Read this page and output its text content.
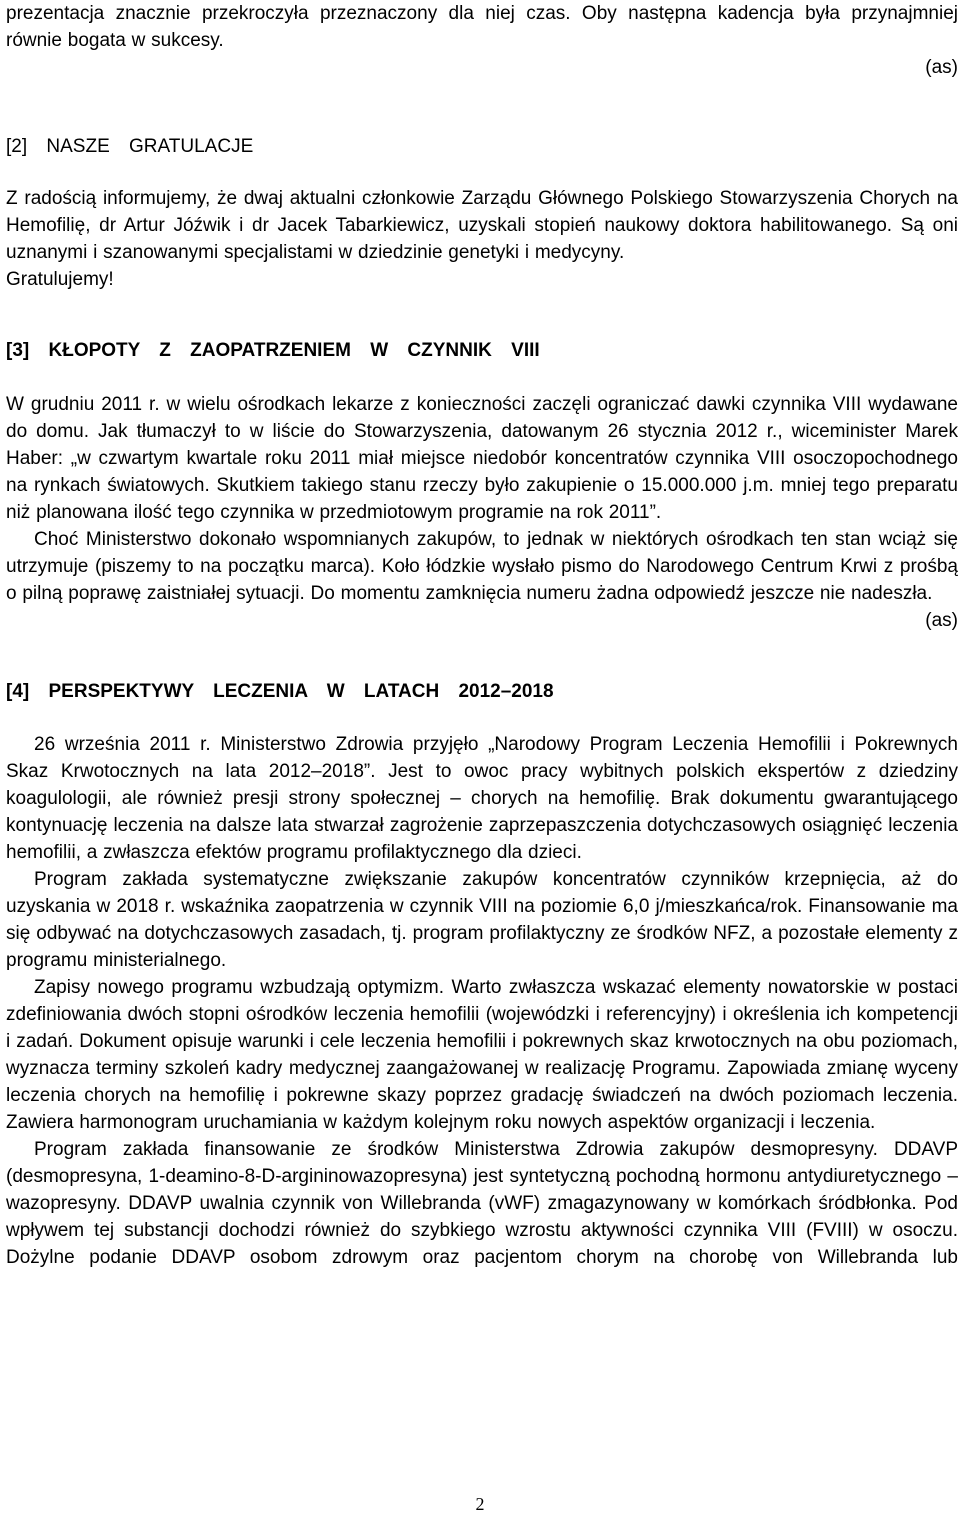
prezentacja znacznie przekroczyła przeznaczony dla niej czas. Oby następna kadencja była przynajmniej równie bogata w sukcesy.

(as)

[2] NASZE GRATULACJE

Z radością informujemy, że dwaj aktualni członkowie Zarządu Głównego Polskiego Stowarzyszenia Chorych na Hemofilię, dr Artur Jóźwik i dr Jacek Tabarkiewicz, uzyskali stopień naukowy doktora habilitowanego. Są oni uznanymi i szanowanymi specjalistami w dziedzinie genetyki i medycyny.

Gratulujemy!

[3] KŁOPOTY Z ZAOPATRZENIEM W CZYNNIK VIII

W grudniu 2011 r. w wielu ośrodkach lekarze z konieczności zaczęli ograniczać dawki czynnika VIII wydawane do domu. Jak tłumaczył to w liście do Stowarzyszenia, datowanym 26 stycznia 2012 r., wiceminister Marek Haber: „w czwartym kwartale roku 2011 miał miejsce niedobór koncentratów czynnika VIII osoczopochodnego na rynkach światowych. Skutkiem takiego stanu rzeczy było zakupienie o 15.000.000 j.m. mniej tego preparatu niż planowana ilość tego czynnika w przedmiotowym programie na rok 2011”.

Choć Ministerstwo dokonało wspomnianych zakupów, to jednak w niektórych ośrodkach ten stan wciąż się utrzymuje (piszemy to na początku marca). Koło łódzkie wysłało pismo do Narodowego Centrum Krwi z prośbą o pilną poprawę zaistniałej sytuacji. Do momentu zamknięcia numeru żadna odpowiedź jeszcze nie nadeszła.

(as)

[4] PERSPEKTYWY LECZENIA W LATACH 2012–2018

26 września 2011 r. Ministerstwo Zdrowia przyjęło „Narodowy Program Leczenia Hemofilii i Pokrewnych Skaz Krwotocznych na lata 2012–2018”. Jest to owoc pracy wybitnych polskich ekspertów z dziedziny koagulologii, ale również presji strony społecznej – chorych na hemofilię. Brak dokumentu gwarantującego kontynuację leczenia na dalsze lata stwarzał zagrożenie zaprzepaszczenia dotychczasowych osiągnięć leczenia hemofilii, a zwłaszcza efektów programu profilaktycznego dla dzieci.

Program zakłada systematyczne zwiększanie zakupów koncentratów czynników krzepnięcia, aż do uzyskania w 2018 r. wskaźnika zaopatrzenia w czynnik VIII na poziomie 6,0 j/mieszkańca/rok. Finansowanie ma się odbywać na dotychczasowych zasadach, tj. program profilaktyczny ze środków NFZ, a pozostałe elementy z programu ministerialnego.

Zapisy nowego programu wzbudzają optymizm. Warto zwłaszcza wskazać elementy nowatorskie w postaci zdefiniowania dwóch stopni ośrodków leczenia hemofilii (wojewódzki i referencyjny) i określenia ich kompetencji i zadań. Dokument opisuje warunki i cele leczenia hemofilii i pokrewnych skaz krwotocznych na obu poziomach, wyznacza terminy szkoleń kadry medycznej zaangażowanej w realizację Programu. Zapowiada zmianę wyceny leczenia chorych na hemofilię i pokrewne skazy poprzez gradację świadczeń na dwóch poziomach leczenia. Zawiera harmonogram uruchamiania w każdym kolejnym roku nowych aspektów organizacji i leczenia.

Program zakłada finansowanie ze środków Ministerstwa Zdrowia zakupów desmopresyny. DDAVP (desmopresyna, 1-deamino-8-D-argininowazopresyna) jest syntetyczną pochodną hormonu antydiuretycznego – wazopresyny. DDAVP uwalnia czynnik von Willebranda (vWF) zmagazynowany w komórkach śródbłonka. Pod wpływem tej substancji dochodzi również do szybkiego wzrostu aktywności czynnika VIII (FVIII) w osoczu. Dożylne podanie DDAVP osobom zdrowym oraz pacjentom chorym na chorobę von Willebranda lub

2
